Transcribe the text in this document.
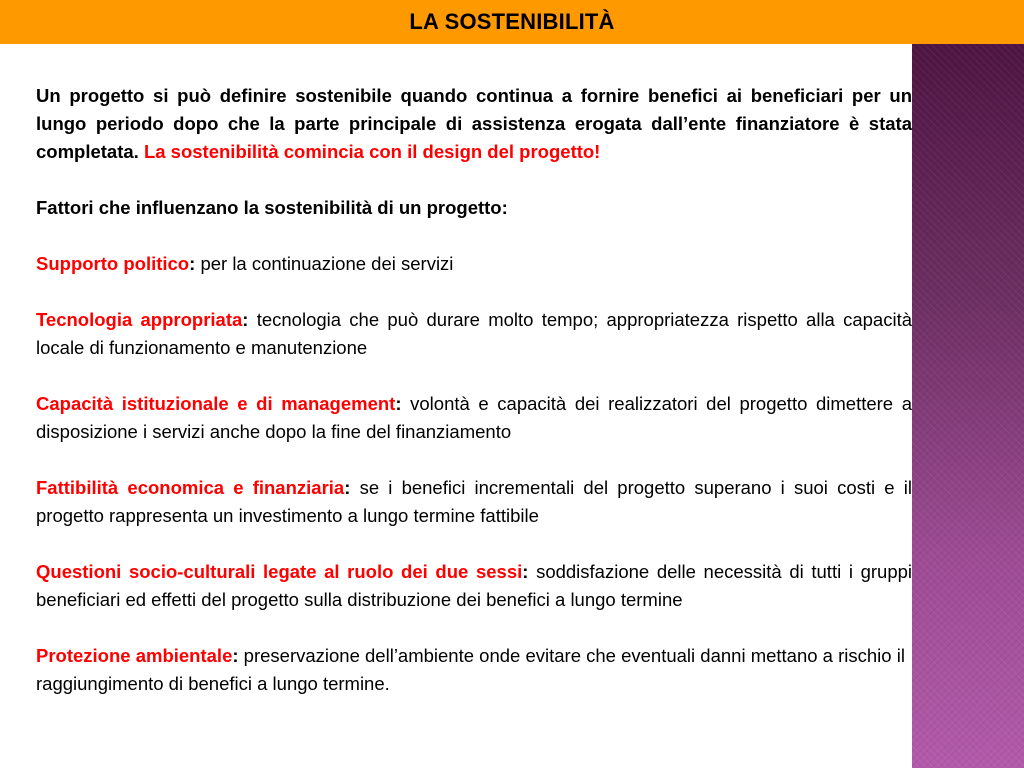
LA SOSTENIBILITÀ

Un progetto si può definire sostenibile quando continua a fornire benefici ai beneficiari per un lungo periodo dopo che la parte principale di assistenza erogata dall’ente finanziatore è stata completata. La sostenibilità comincia con il design del progetto!

Fattori che influenzano la sostenibilità di un progetto:

Supporto politico: per la continuazione dei servizi

Tecnologia appropriata: tecnologia che può durare molto tempo; appropriatezza rispetto alla capacità locale di funzionamento e manutenzione

Capacità istituzionale e di management: volontà e capacità dei realizzatori del progetto dimettere a disposizione i servizi anche dopo la fine del finanziamento

Fattibilità economica e finanziaria: se i benefici incrementali del progetto superano i suoi costi e il progetto rappresenta un investimento a lungo termine fattibile

Questioni socio-culturali legate al ruolo dei due sessi: soddisfazione delle necessità di tutti i gruppi beneficiari ed effetti del progetto sulla distribuzione dei benefici a lungo termine

Protezione ambientale: preservazione dell’ambiente onde evitare che eventuali danni mettano a rischio il raggiungimento di benefici a lungo termine.
